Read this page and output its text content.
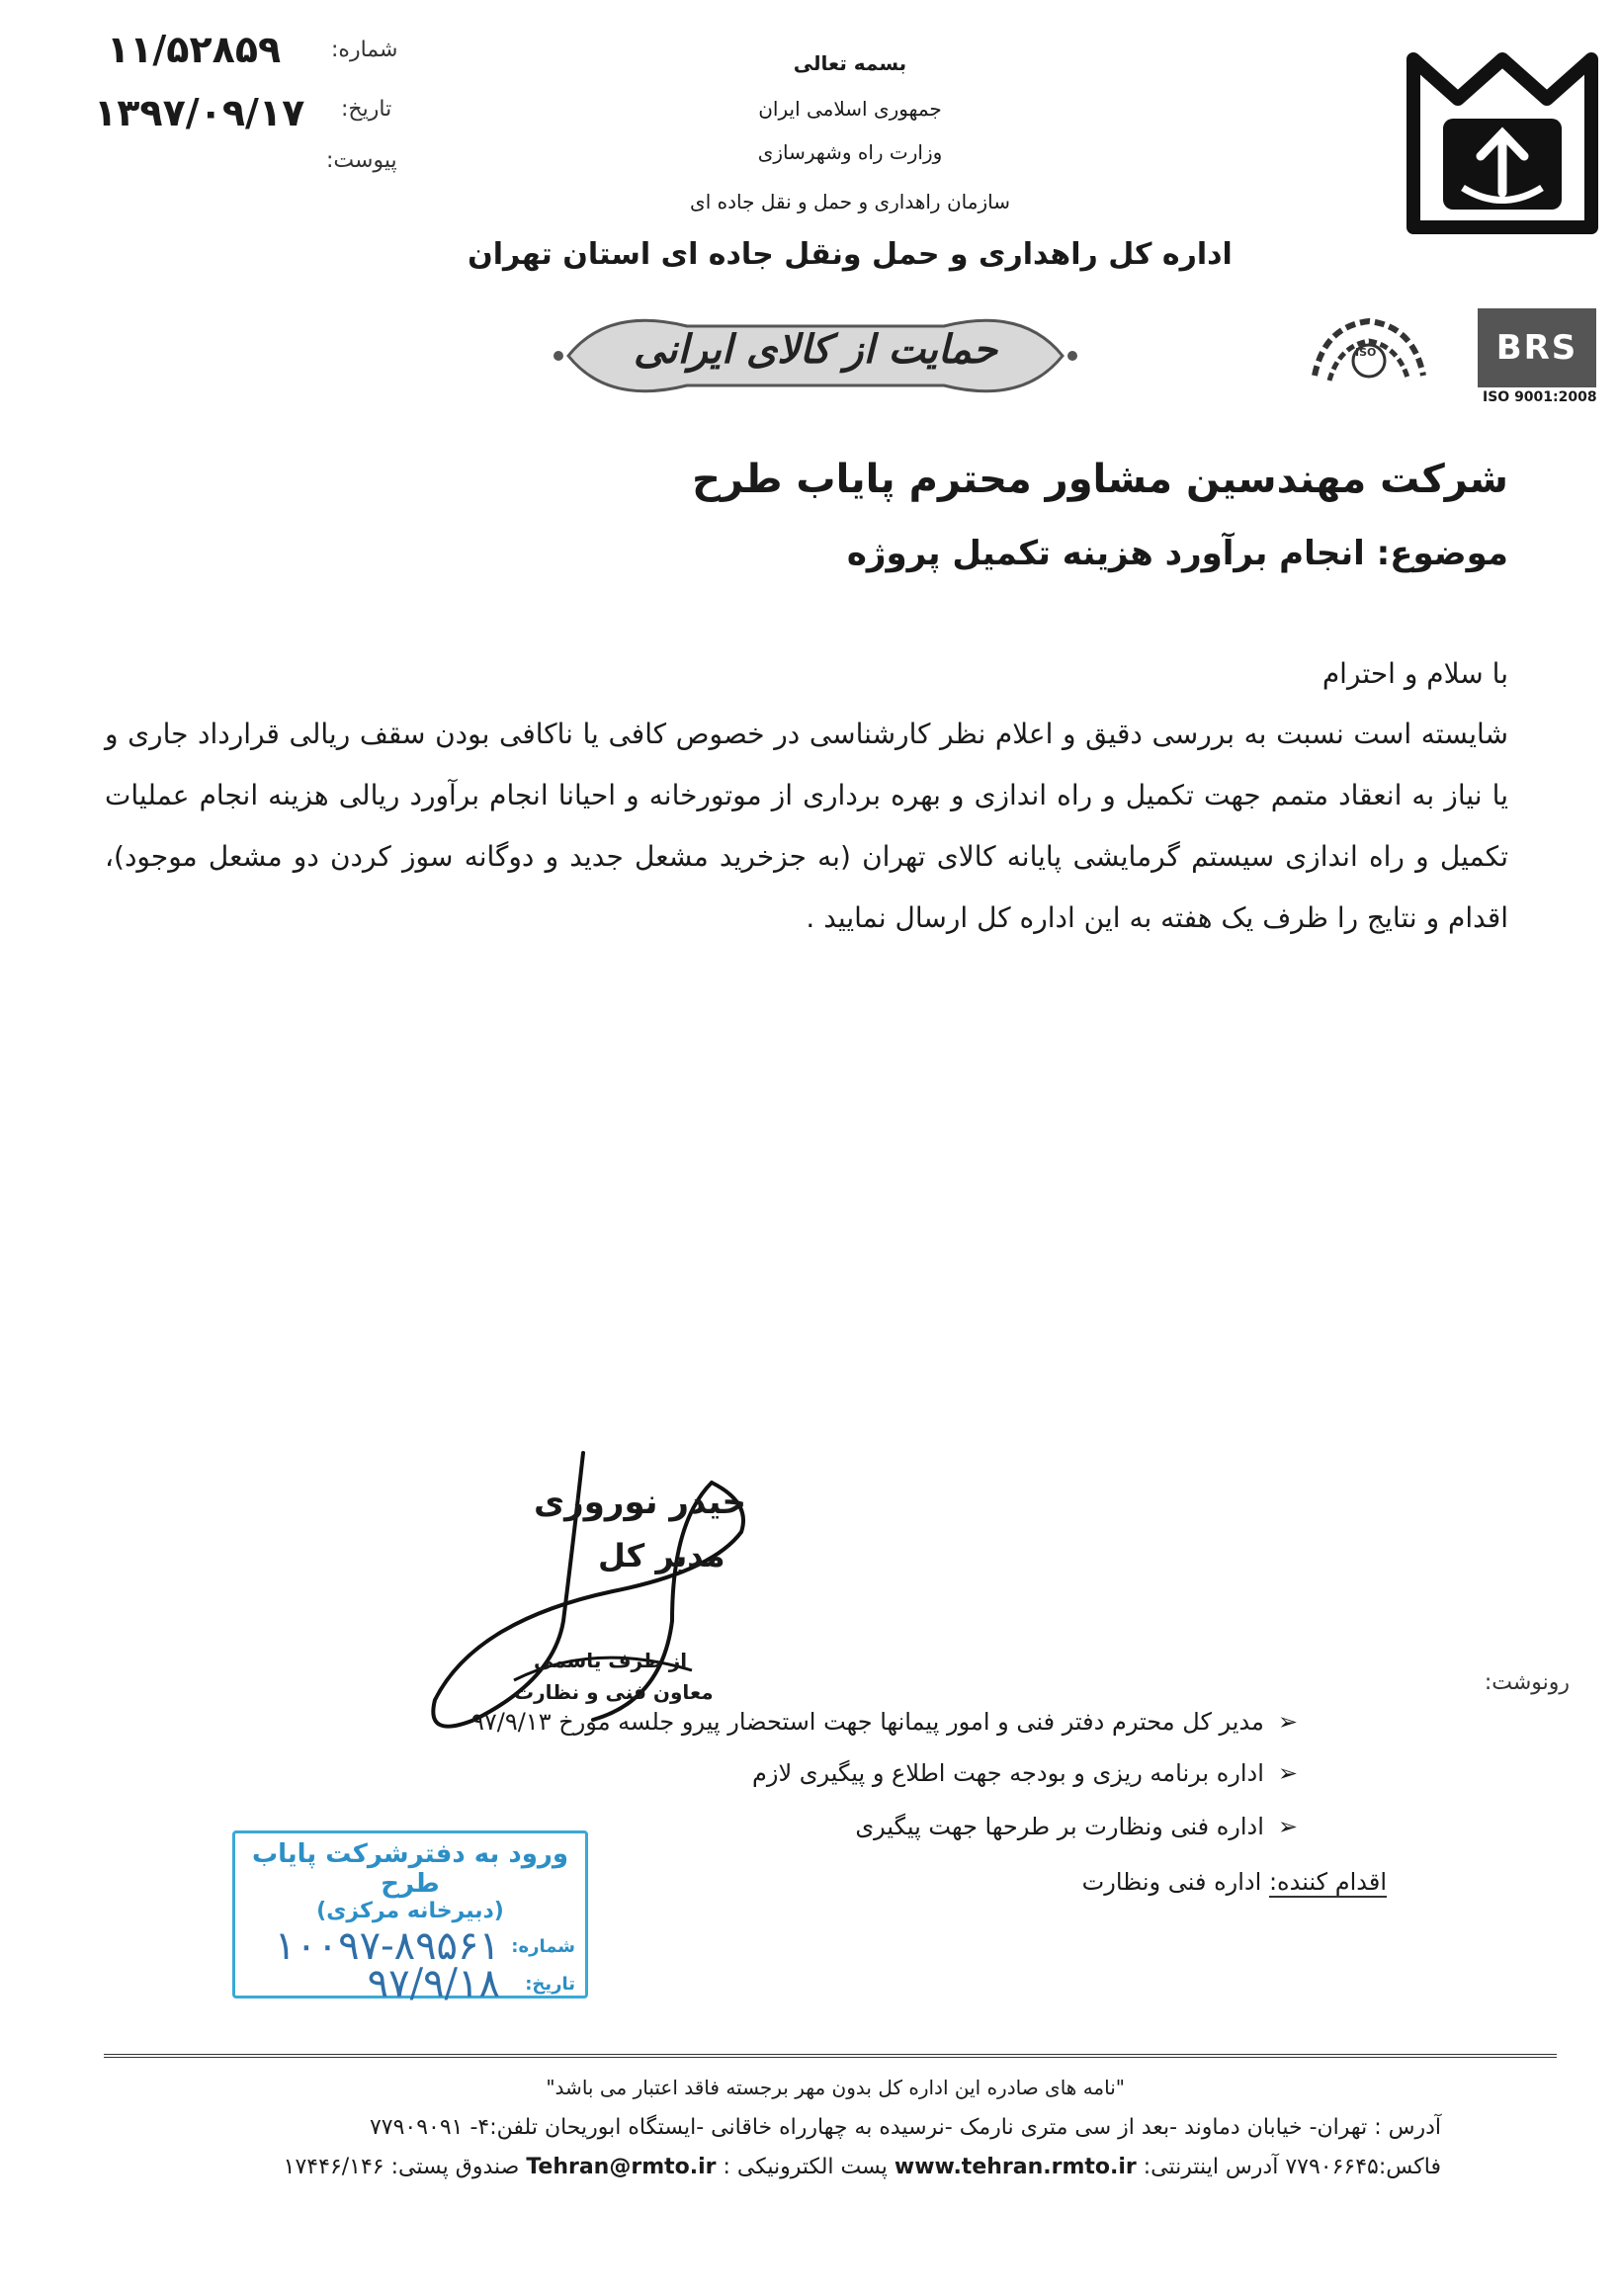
۱۱/۵۲۸۵۹ شماره:
۱۳۹۷/۰۹/۱۷ تاریخ:
پیوست:
بسمه تعالی
جمهوری اسلامی ایران
وزارت راه وشهرسازی
سازمان راهداری و حمل و نقل جاده ای
اداره کل راهداری و حمل ونقل جاده ای استان تهران
حمایت از کالای ایرانی	ISO	BRS
ISO 9001:2008
شرکت مهندسین مشاور محترم پایاب طرح
موضوع: انجام برآورد هزینه تکمیل پروژه
با سلام و احترام
شایسته است نسبت به بررسی دقیق و اعلام نظر کارشناسی در خصوص کافی یا ناکافی بودن سقف ریالی قرارداد جاری و یا نیاز به انعقاد متمم جهت تکمیل و راه اندازی و بهره برداری از موتورخانه و احیانا انجام برآورد ریالی هزینه انجام عملیات تکمیل و راه اندازی سیستم گرمایشی پایانه کالای تهران (به جزخرید مشعل جدید و دوگانه سوز کردن دو مشعل موجود)، اقدام و نتایج را ظرف یک هفته به این اداره کل ارسال نمایید .
حیدر نوروزی
مدیر کل
از طرف یاسمی
معاون فنی و نظارت	رونوشت:
➢مدیر کل محترم دفتر فنی و امور پیمانها جهت استحضار پیرو جلسه مورخ ۹۷/۹/۱۳
➢اداره برنامه ریزی و بودجه جهت اطلاع و پیگیری لازم
➢اداره فنی ونظارت بر طرحها جهت پیگیری
اقدام کننده: اداره فنی ونظارت
ورود به دفترشرکت پایاب طرح
(دبیرخانه مرکزی)
شماره:
۱۰۰۹۷-۸۹۵۶۱
تاریخ:
۹۷/۹/۱۸
"نامه های صادره این اداره کل بدون مهر برجسته فاقد اعتبار می باشد"
آدرس : تهران- خیابان دماوند -بعد از سی متری نارمک -نرسیده به چهارراه خاقانی -ایستگاه ابوریحان تلفن:۴- ۷۷۹۰۹۰۹۱
فاکس:۷۷۹۰۶۶۴۵ آدرس اینترنتی: www.tehran.rmto.ir پست الکترونیکی : Tehran@rmto.ir صندوق پستی: ۱۷۴۴۶/۱۴۶
